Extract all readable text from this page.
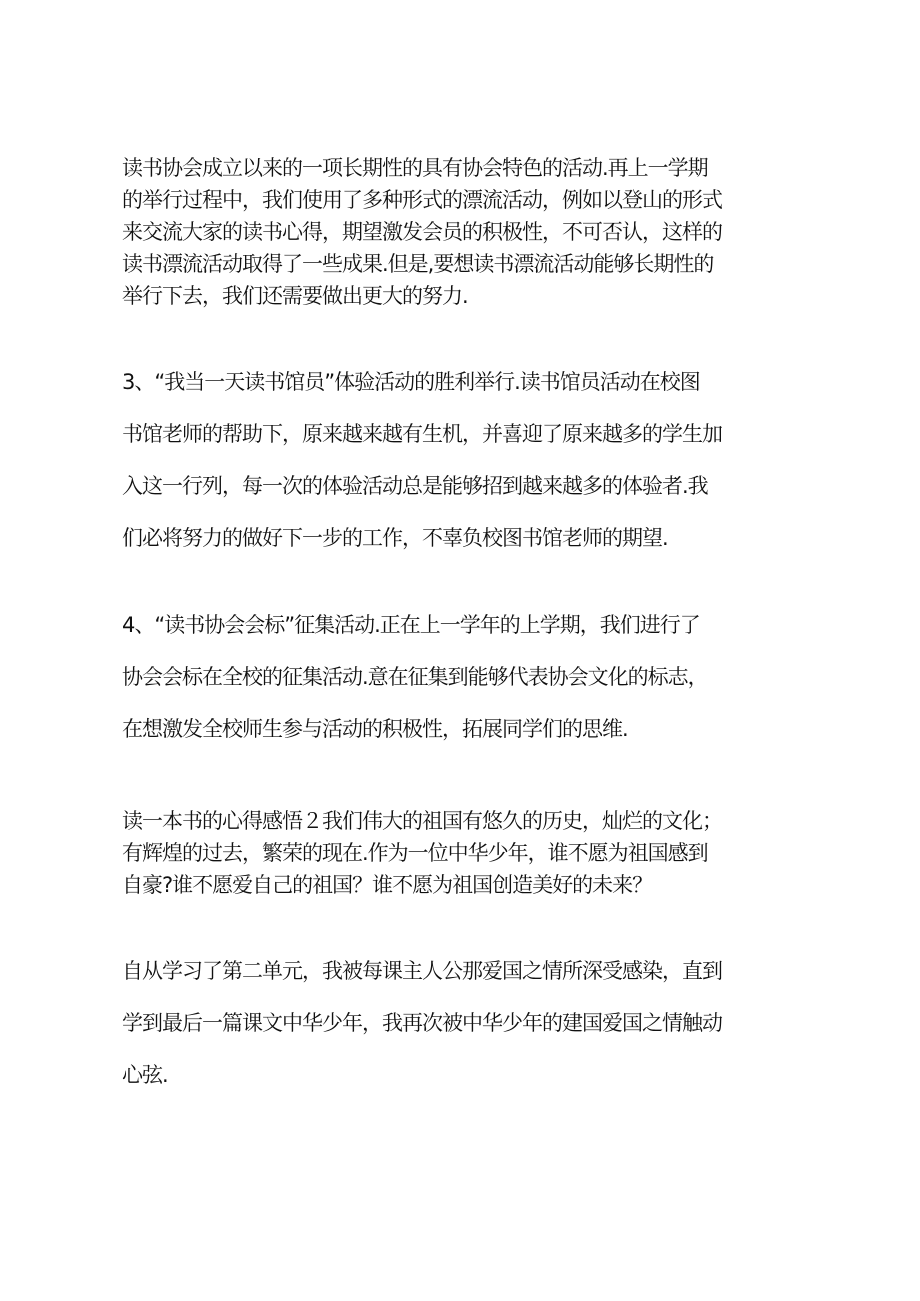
读书协会成立以来的一项长期性的具有协会特色的活动.再上一学期
的举行过程中，我们使用了多种形式的漂流活动，例如以登山的形式
来交流大家的读书心得，期望激发会员的积极性，不可否认，这样的
读书漂流活动取得了一些成果.但是,要想读书漂流活动能够长期性的
举行下去，我们还需要做出更大的努力.
3、“我当一天读书馆员”体验活动的胜利举行.读书馆员活动在校图
书馆老师的帮助下，原来越来越有生机，并喜迎了原来越多的学生加
入这一行列，每一次的体验活动总是能够招到越来越多的体验者.我
们必将努力的做好下一步的工作，不辜负校图书馆老师的期望.
4、“读书协会会标”征集活动.正在上一学年的上学期，我们进行了
协会会标在全校的征集活动.意在征集到能够代表协会文化的标志，
在想激发全校师生参与活动的积极性，拓展同学们的思维.
读一本书的心得感悟２我们伟大的祖国有悠久的历史，灿烂的文化；
有辉煌的过去，繁荣的现在.作为一位中华少年，谁不愿为祖国感到
自豪?谁不愿爱自己的祖国？谁不愿为祖国创造美好的未来？
自从学习了第二单元，我被每课主人公那爱国之情所深受感染，直到
学到最后一篇课文中华少年，我再次被中华少年的建国爱国之情触动
心弦.
